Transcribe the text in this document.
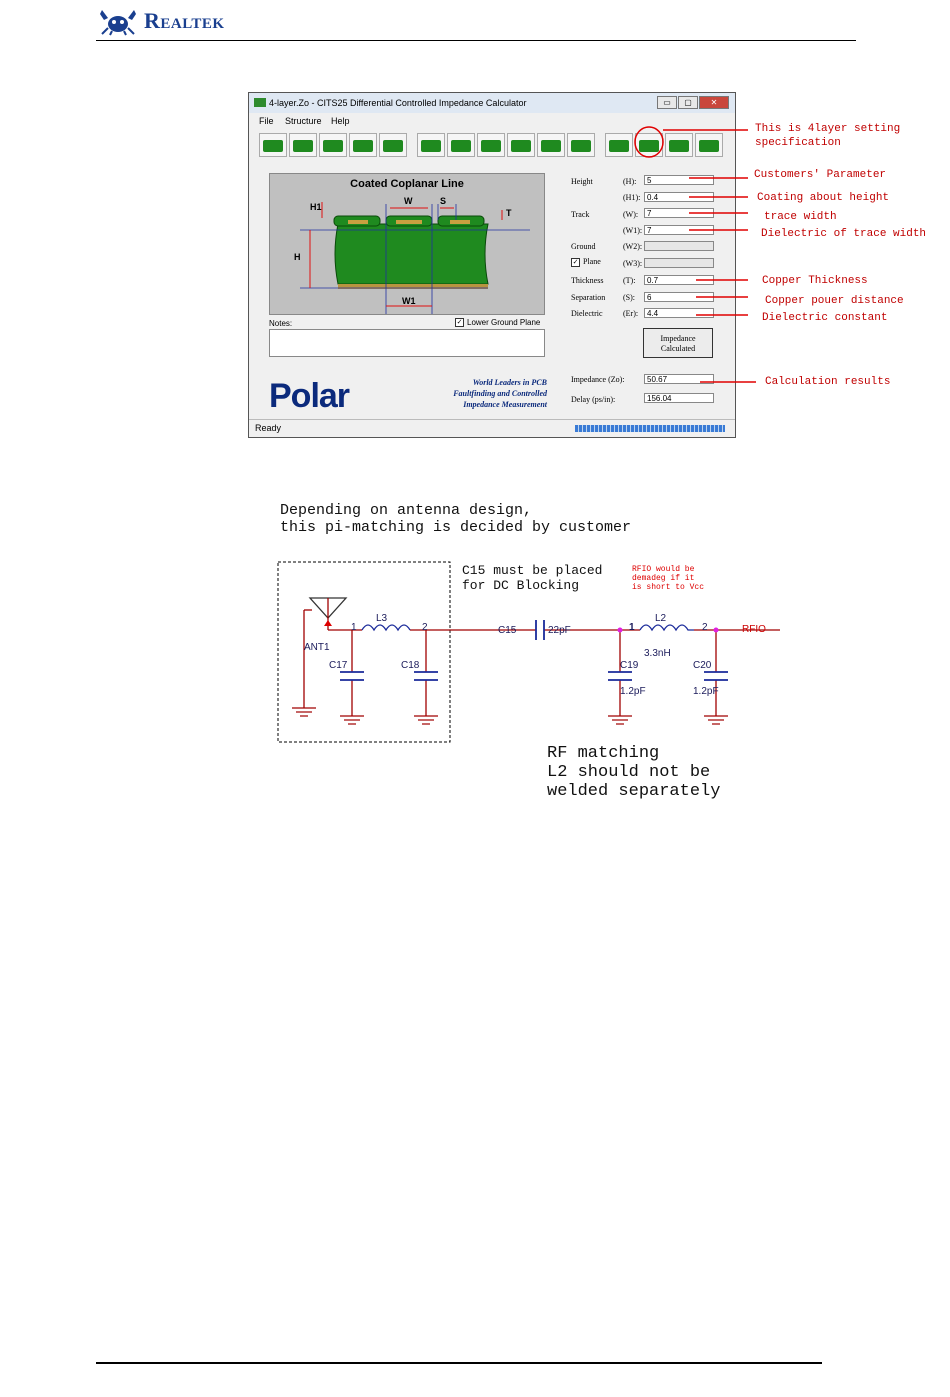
Realtek
4-layer.Zo - CITS25 Differential Controlled Impedance Calculator	▭	▢	✕
File Structure Help
Coated Coplanar Line
W	S
H1
T
H
W1
Notes:	✓ Lower Ground Plane
Polar	World Leaders in PCB
Faultfinding and Controlled
Impedance Measurement
Height	(H):	5
(H1): 0.4
Track	(W):	7
(W1): 7
Ground	(W2):
✓ Plane	(W3):
Thickness (T):	0.7
Separation (S):	6
Dielectric	(Er):	4.4
Impedance
Calculated
Impedance (Zo):	50.67
Delay (ps/in):	156.04
Ready
This is 4layer setting
specification
Customers' Parameter
Coating about height
trace width
Dielectric of trace width
Copper Thickness
Copper pouer distance
Dielectric constant
Calculation results
Depending on antenna design,
this pi-matching is decided by customer
C15 must be placed
for DC Blocking
RFIO would be
demadeg if it
is short to Vcc
ANT1
L3
1	2
C17	C18
C15	22pF	1
L2
3.3nH
2	RFIO
C19
1.2pF
C20
1.2pF
RF matching
L2 should not be
welded separately
